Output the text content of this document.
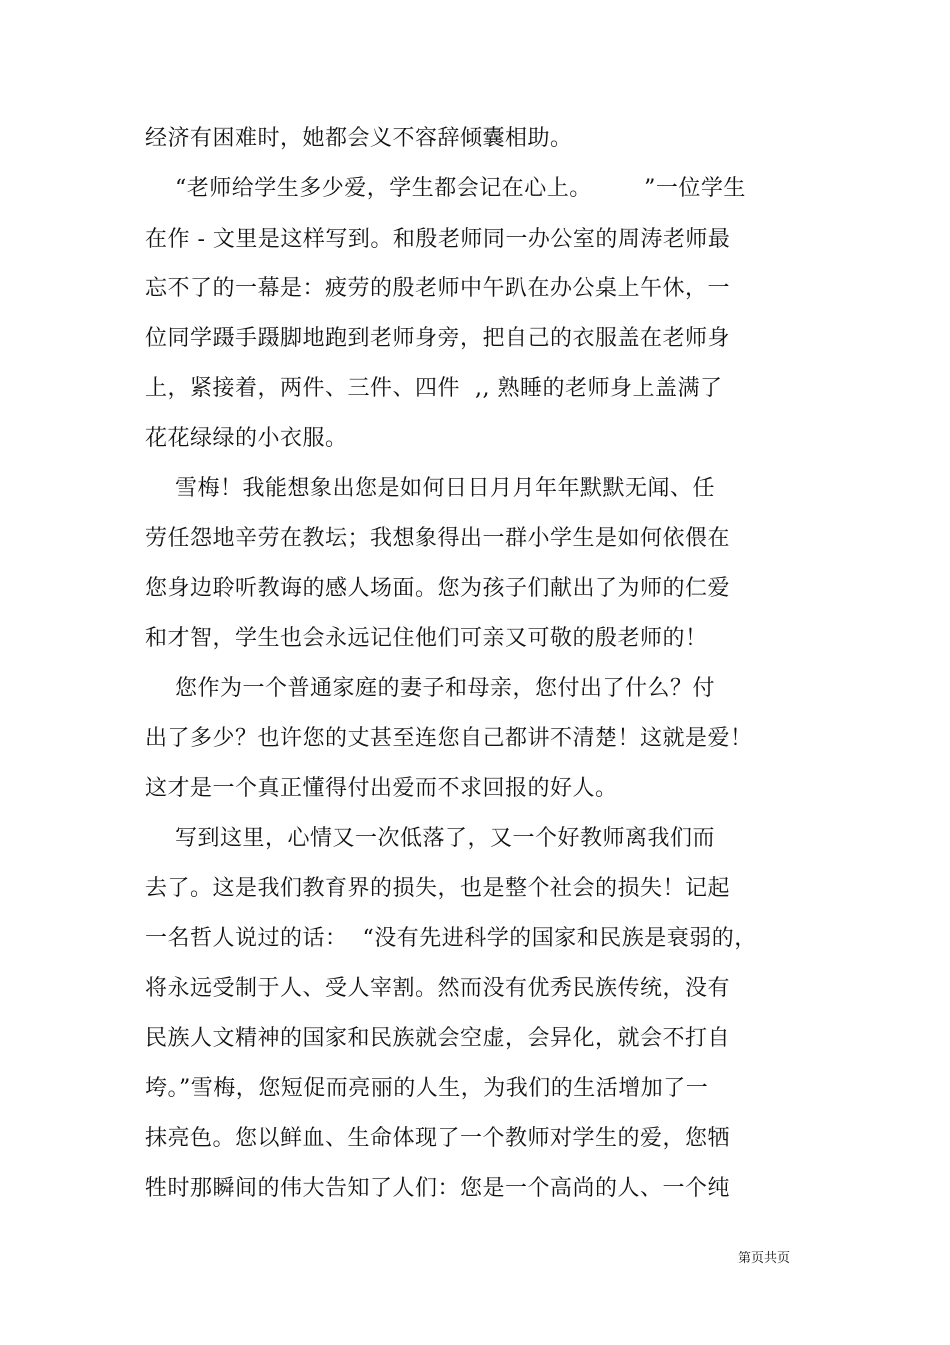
经济有困难时，她都会义不容辞倾囊相助。
“老师给学生多少爱，学生都会记在心上。       ”一位学生
在作 - 文里是这样写到。和殷老师同一办公室的周涛老师最
忘不了的一幕是：疲劳的殷老师中午趴在办公桌上午休，一
位同学蹑手蹑脚地跑到老师身旁，把自己的衣服盖在老师身
上，紧接着，两件、三件、四件  ,, 熟睡的老师身上盖满了
花花绿绿的小衣服。
雪梅！我能想象出您是如何日日月月年年默默无闻、任
劳任怨地辛劳在教坛；我想象得出一群小学生是如何依偎在
您身边聆听教诲的感人场面。您为孩子们献出了为师的仁爱
和才智，学生也会永远记住他们可亲又可敬的殷老师的！
您作为一个普通家庭的妻子和母亲，您付出了什么？付
出了多少？也许您的丈甚至连您自己都讲不清楚！这就是爱！
这才是一个真正懂得付出爱而不求回报的好人。
写到这里，心情又一次低落了，又一个好教师离我们而
去了。这是我们教育界的损失，也是整个社会的损失！记起
一名哲人说过的话：  “没有先进科学的国家和民族是衰弱的，
将永远受制于人、受人宰割。然而没有优秀民族传统，没有
民族人文精神的国家和民族就会空虚，会异化，就会不打自
垮。”雪梅，您短促而亮丽的人生，为我们的生活增加了一
抹亮色。您以鲜血、生命体现了一个教师对学生的爱，您牺
牲时那瞬间的伟大告知了人们：您是一个高尚的人、一个纯
第页共页
